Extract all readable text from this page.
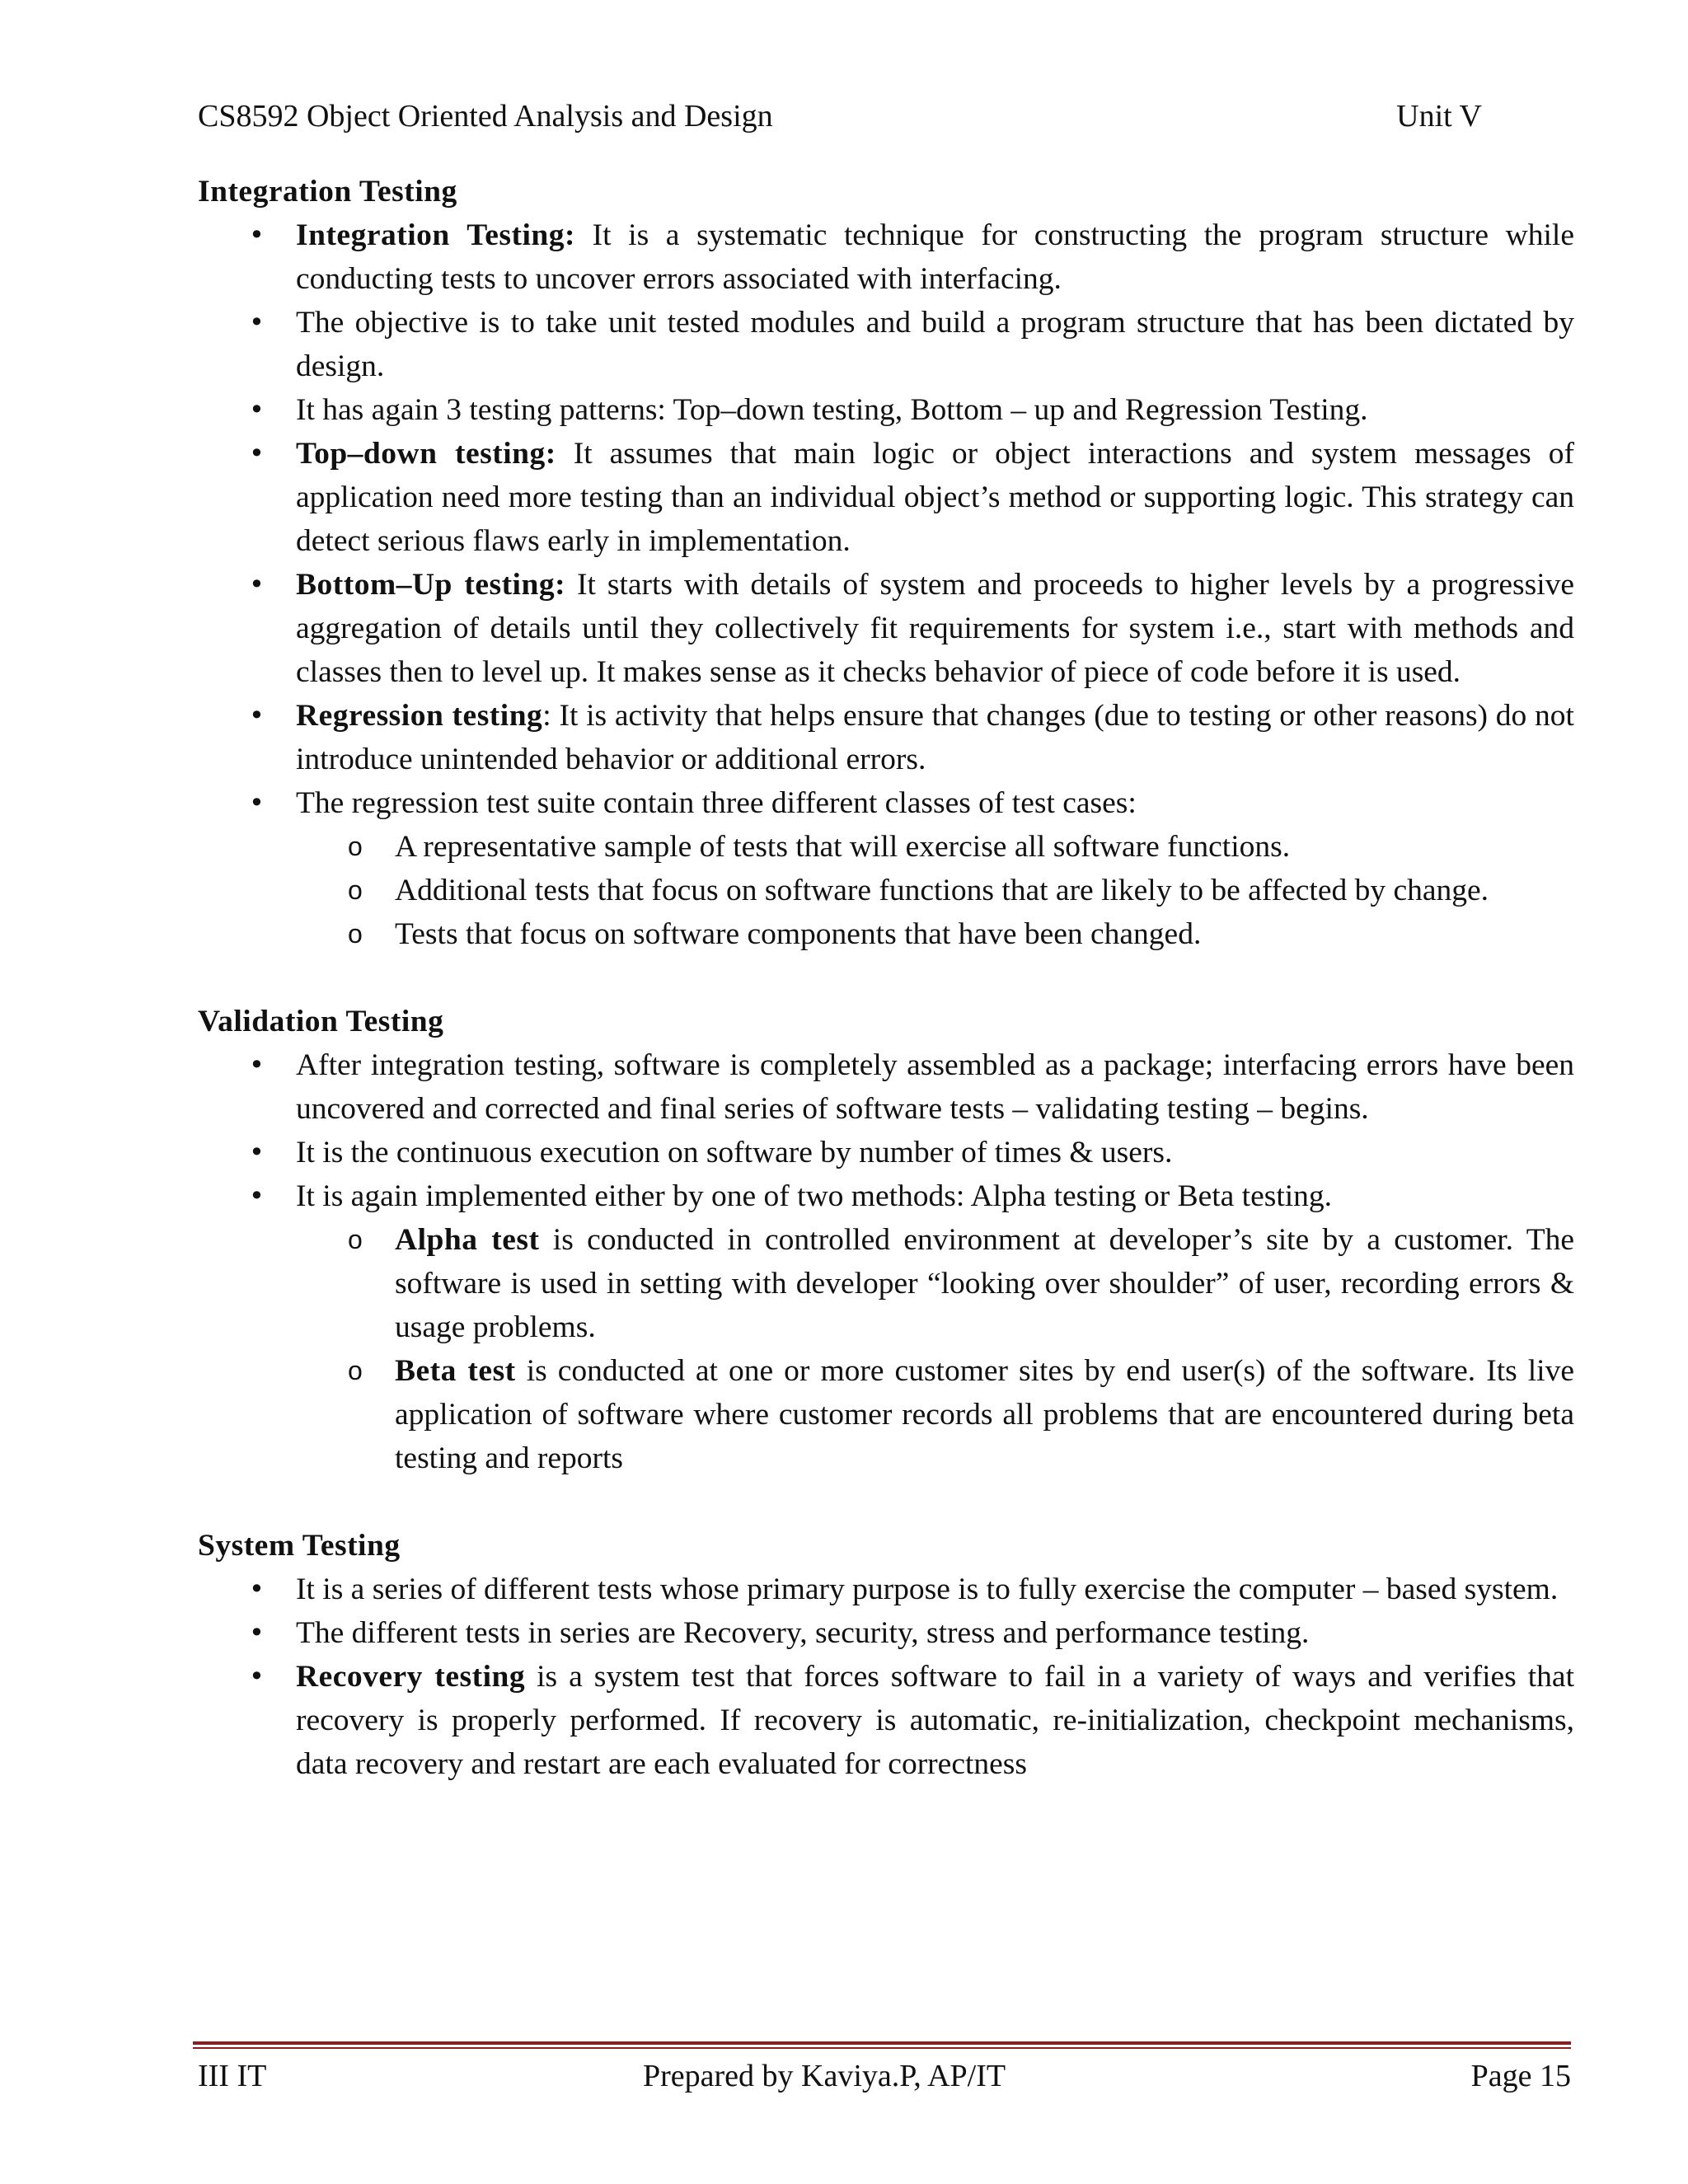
CS8592 Object Oriented Analysis and Design	Unit V
Integration Testing
• Integration Testing: It is a systematic technique for constructing the program structure while conducting tests to uncover errors associated with interfacing.
• The objective is to take unit tested modules and build a program structure that has been dictated by design.
• It has again 3 testing patterns: Top–down testing, Bottom – up and Regression Testing.
• Top–down testing: It assumes that main logic or object interactions and system messages of application need more testing than an individual object’s method or supporting logic. This strategy can detect serious flaws early in implementation.
• Bottom–Up testing: It starts with details of system and proceeds to higher levels by a progressive aggregation of details until they collectively fit requirements for system i.e., start with methods and classes then to level up. It makes sense as it checks behavior of piece of code before it is used.
• Regression testing: It is activity that helps ensure that changes (due to testing or other reasons) do not introduce unintended behavior or additional errors.
• The regression test suite contain three different classes of test cases:
o A representative sample of tests that will exercise all software functions.
o Additional tests that focus on software functions that are likely to be affected by change.
o Tests that focus on software components that have been changed.
Validation Testing
• After integration testing, software is completely assembled as a package; interfacing errors have been uncovered and corrected and final series of software tests – validating testing – begins.
• It is the continuous execution on software by number of times & users.
• It is again implemented either by one of two methods: Alpha testing or Beta testing.
o Alpha test is conducted in controlled environment at developer’s site by a customer. The software is used in setting with developer “looking over shoulder” of user, recording errors & usage problems.
o Beta test is conducted at one or more customer sites by end user(s) of the software. Its live application of software where customer records all problems that are encountered during beta testing and reports
System Testing
• It is a series of different tests whose primary purpose is to fully exercise the computer – based system.
• The different tests in series are Recovery, security, stress and performance testing.
• Recovery testing is a system test that forces software to fail in a variety of ways and verifies that recovery is properly performed. If recovery is automatic, re-initialization, checkpoint mechanisms, data recovery and restart are each evaluated for correctness
III IT	Prepared by Kaviya.P, AP/IT	Page 15
